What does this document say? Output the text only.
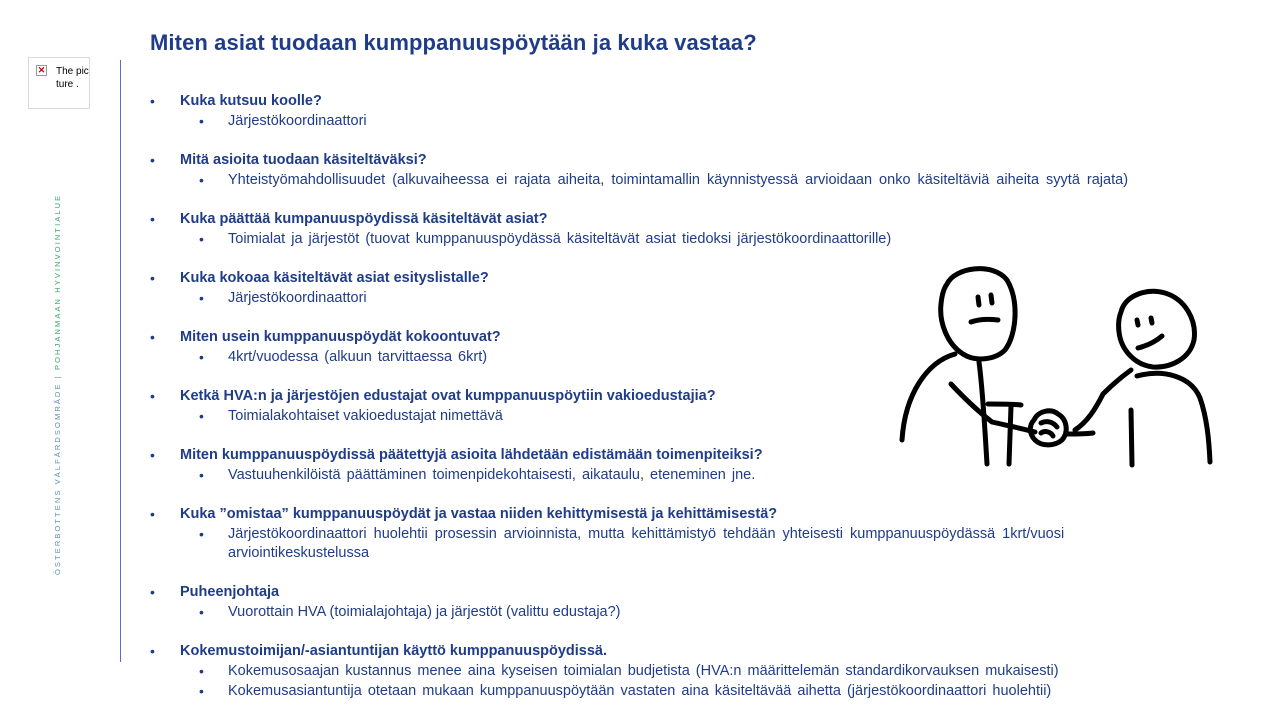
Miten asiat tuodaan kumppanuuspöytään ja kuka vastaa?
✕ The picture .
ÖSTERBOTTENS VÄLFÄRDSOMRÅDE | POHJANMAAN HYVINVOINTIALUE
•	Kuka kutsuu koolle?
• Järjestökoordinaattori
•	Mitä asioita tuodaan käsiteltäväksi?
• Yhteistyömahdollisuudet (alkuvaiheessa ei rajata aiheita, toimintamallin käynnistyessä arvioidaan onko käsiteltäviä aiheita syytä rajata)
•	Kuka päättää kumpanuuspöydissä käsiteltävät asiat?
• Toimialat ja järjestöt (tuovat kumppanuuspöydässä käsiteltävät asiat tiedoksi järjestökoordinaattorille)
•	Kuka kokoaa käsiteltävät asiat esityslistalle?
• Järjestökoordinaattori
•	Miten usein kumppanuuspöydät kokoontuvat?
• 4krt/vuodessa (alkuun tarvittaessa 6krt)
•	Ketkä HVA:n ja järjestöjen edustajat ovat kumppanuuspöytiin vakioedustajia?
• Toimialakohtaiset vakioedustajat nimettävä
•	Miten kumppanuuspöydissä päätettyjä asioita lähdetään edistämään toimenpiteiksi?
• Vastuuhenkilöistä päättäminen toimenpidekohtaisesti, aikataulu, eteneminen jne.
•	Kuka ”omistaa” kumppanuuspöydät ja vastaa niiden kehittymisestä ja kehittämisestä?
• Järjestökoordinaattori huolehtii prosessin arvioinnista, mutta kehittämistyö tehdään yhteisesti kumppanuuspöydässä 1krt/vuosi arviointikeskustelussa
•	Puheenjohtaja
• Vuorottain HVA (toimialajohtaja) ja järjestöt (valittu edustaja?)
•	Kokemustoimijan/-asiantuntijan käyttö kumppanuuspöydissä.
• Kokemusosaajan kustannus menee aina kyseisen toimialan budjetista (HVA:n määrittelemän standardikorvauksen mukaisesti)
• Kokemusasiantuntija otetaan mukaan kumppanuuspöytään vastaten aina käsiteltävää aihetta (järjestökoordinaattori huolehtii)
